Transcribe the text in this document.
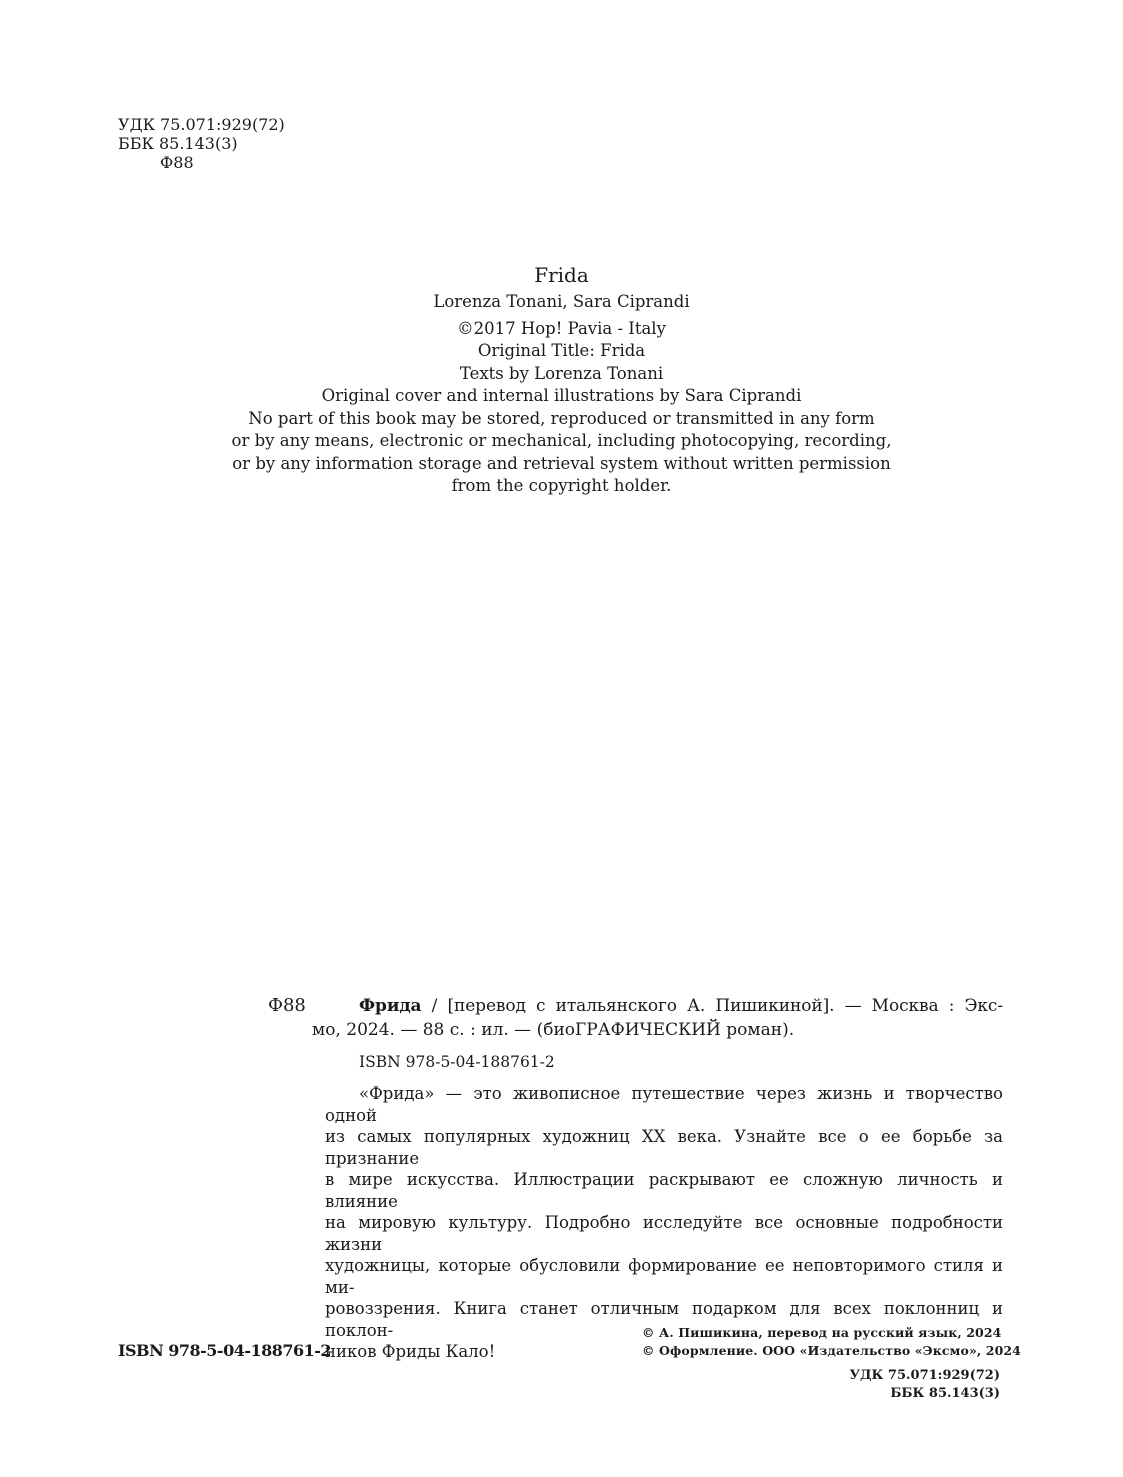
УДК 75.071:929(72)
ББК 85.143(3)
Ф88
Frida
Lorenza Tonani, Sara Ciprandi
©2017 Hop! Pavia - Italy
Original Title: Frida
Texts by Lorenza Tonani
Original cover and internal illustrations by Sara Ciprandi
No part of this book may be stored, reproduced or transmitted in any form
or by any means, electronic or mechanical, including photocopying, recording,
or by any information storage and retrieval system without written permission
from the copyright holder.
Ф88	Фрида / [перевод с итальянского А. Пишикиной]. — Москва : Экс-
мо, 2024. — 88 с. : ил. — (биоГРАФИЧЕСКИЙ роман).
ISBN 978-5-04-188761-2
«Фрида» — это живописное путешествие через жизнь и творчество одной
из самых популярных художниц XX века. Узнайте все о ее борьбе за признание
в мире искусства. Иллюстрации раскрывают ее сложную личность и влияние
на мировую культуру. Подробно исследуйте все основные подробности жизни
художницы, которые обусловили формирование ее неповторимого стиля и ми-
ровоззрения. Книга станет отличным подарком для всех поклонниц и поклон-
ников Фриды Кало!
УДК 75.071:929(72)
ББК 85.143(3)
ISBN 978-5-04-188761-2
© А. Пишикина, перевод на русский язык, 2024
© Оформление. ООО «Издательство «Эксмо», 2024
